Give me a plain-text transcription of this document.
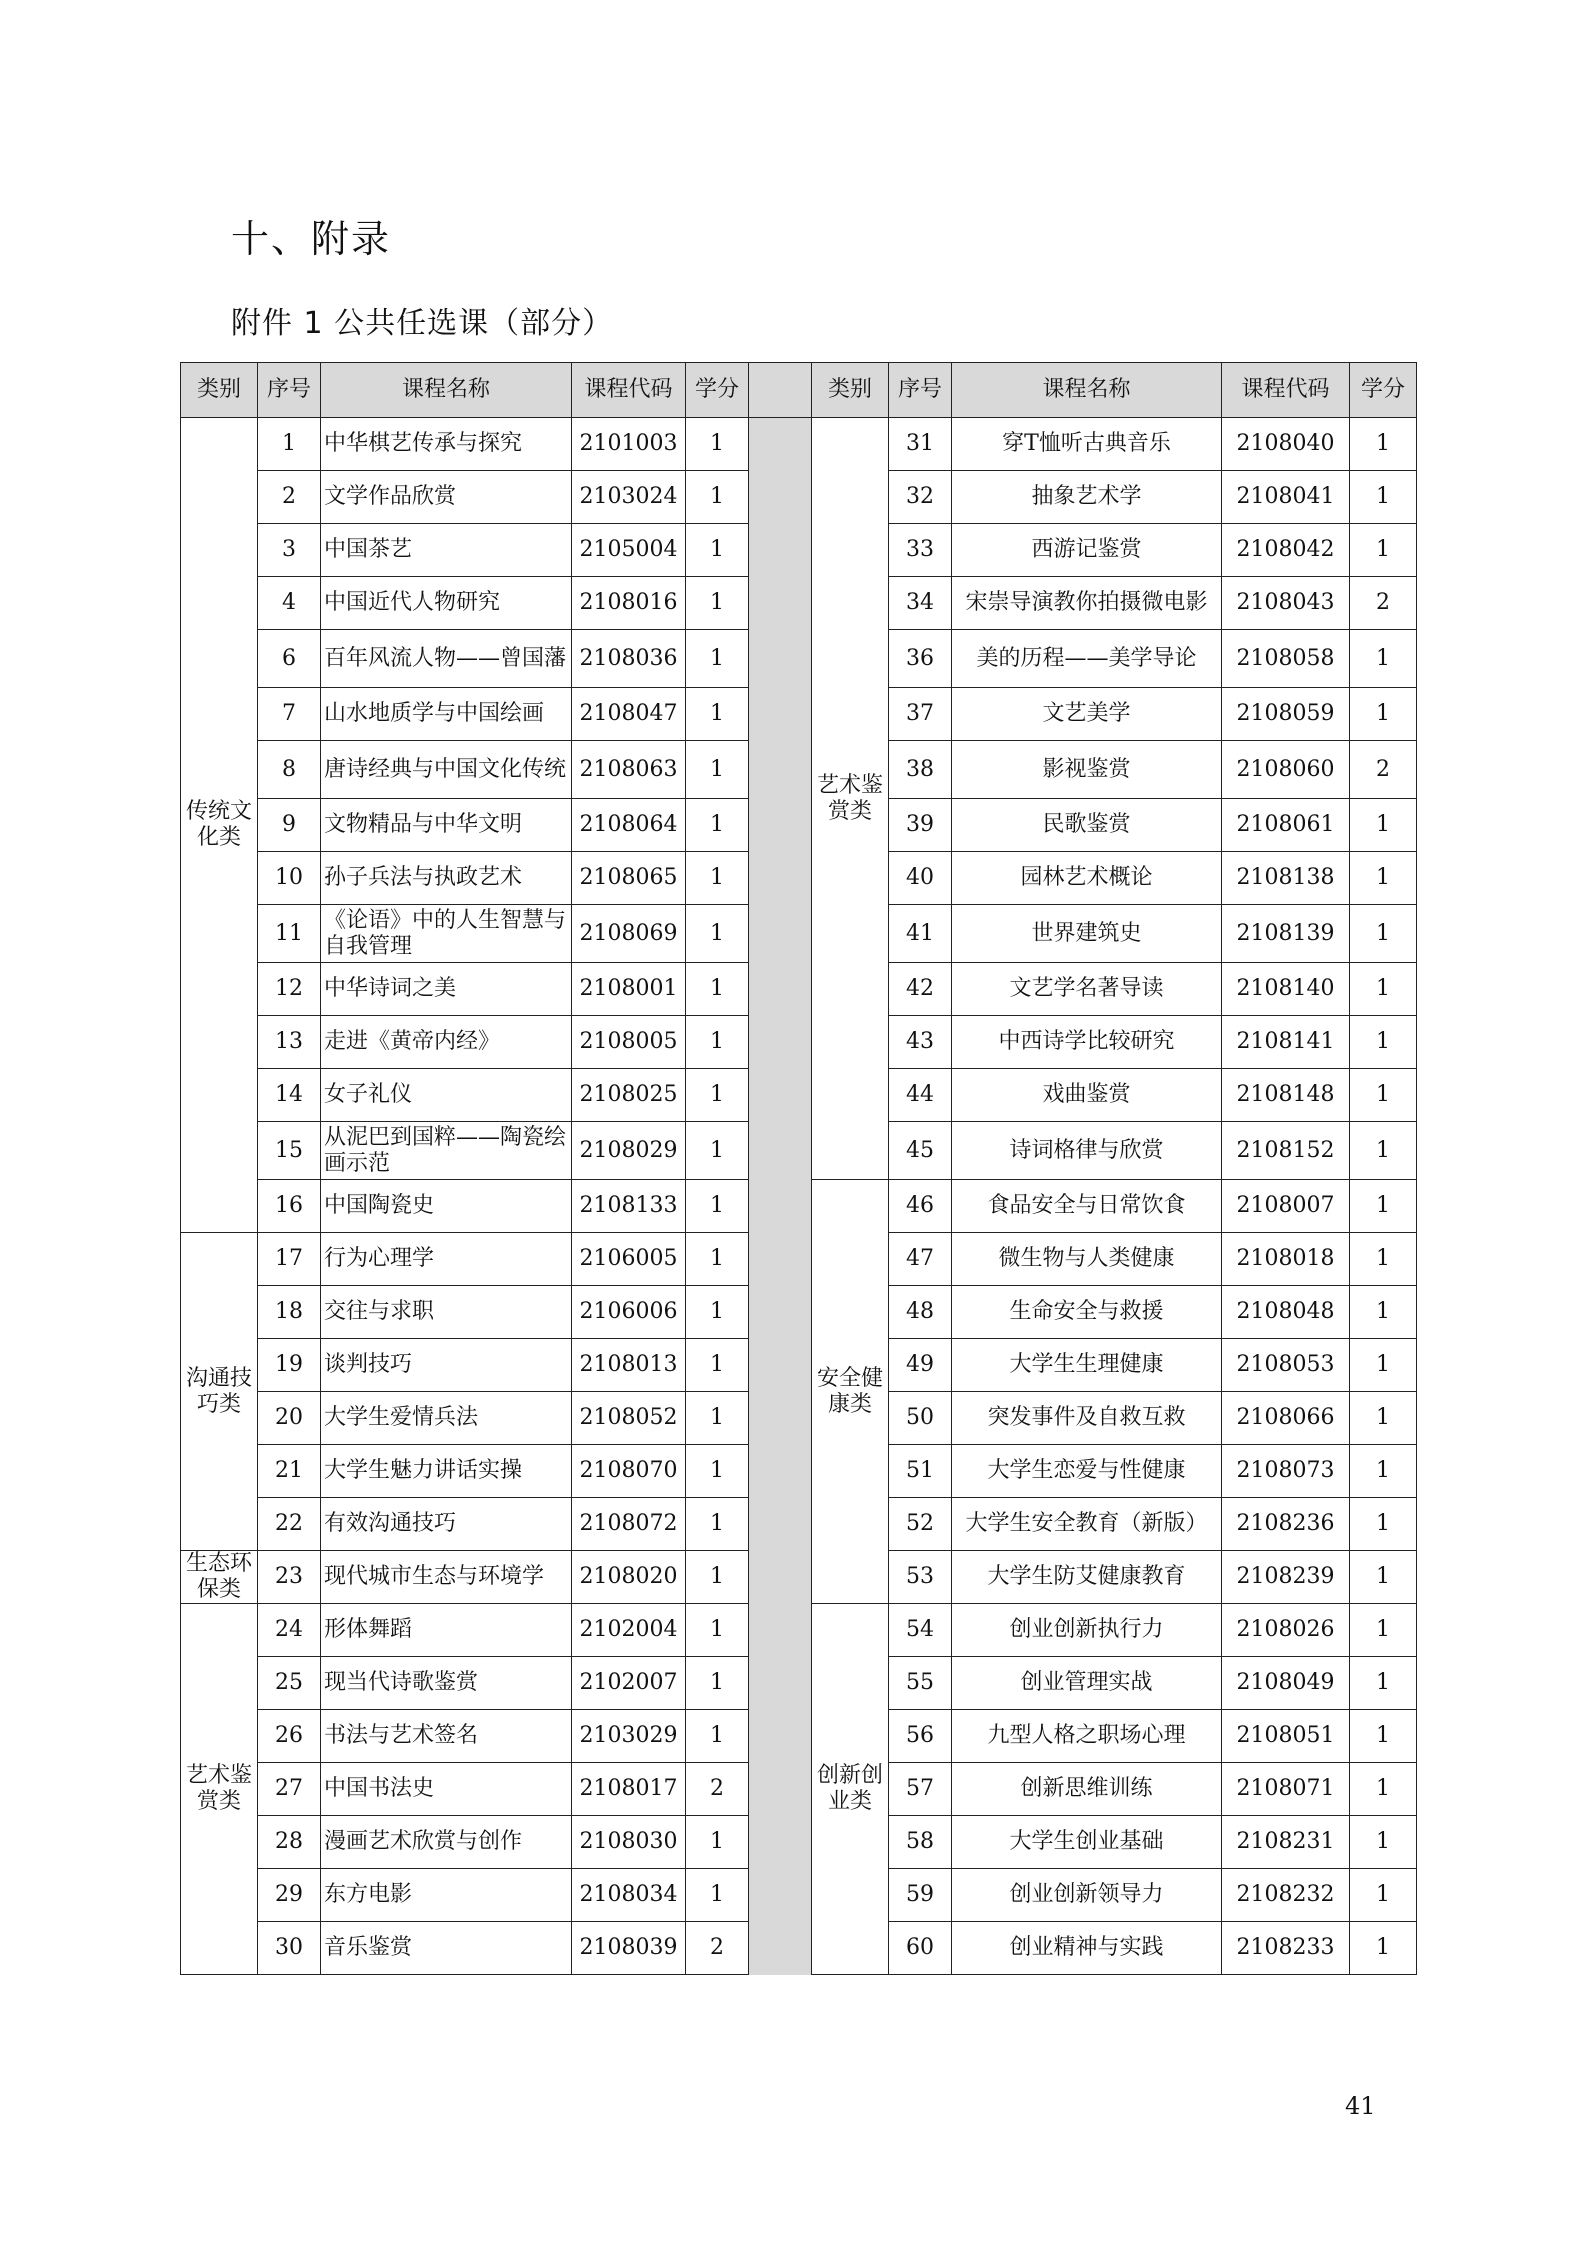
十、附录
附件 1 公共任选课（部分）
类别	序号	课程名称	课程代码	学分		类别	序号	课程名称	课程代码	学分
传统文化类	1	中华棋艺传承与探究	2101003	1		艺术鉴赏类	31	穿T恤听古典音乐	2108040	1
	2	文学作品欣赏	2103024	1			32	抽象艺术学	2108041	1
	3	中国茶艺	2105004	1			33	西游记鉴赏	2108042	1
	4	中国近代人物研究	2108016	1			34	宋崇导演教你拍摄微电影	2108043	2
	6	百年风流人物——曾国藩	2108036	1			36	美的历程——美学导论	2108058	1
	7	山水地质学与中国绘画	2108047	1			37	文艺美学	2108059	1
	8	唐诗经典与中国文化传统	2108063	1			38	影视鉴赏	2108060	2
	9	文物精品与中华文明	2108064	1			39	民歌鉴赏	2108061	1
	10	孙子兵法与执政艺术	2108065	1			40	园林艺术概论	2108138	1
	11	《论语》中的人生智慧与自我管理	2108069	1			41	世界建筑史	2108139	1
	12	中华诗词之美	2108001	1			42	文艺学名著导读	2108140	1
	13	走进《黄帝内经》	2108005	1			43	中西诗学比较研究	2108141	1
	14	女子礼仪	2108025	1			44	戏曲鉴赏	2108148	1
	15	从泥巴到国粹——陶瓷绘画示范	2108029	1			45	诗词格律与欣赏	2108152	1
	16	中国陶瓷史	2108133	1		安全健康类	46	食品安全与日常饮食	2108007	1
沟通技巧类	17	行为心理学	2106005	1			47	微生物与人类健康	2108018	1
	18	交往与求职	2106006	1			48	生命安全与救援	2108048	1
	19	谈判技巧	2108013	1			49	大学生生理健康	2108053	1
	20	大学生爱情兵法	2108052	1			50	突发事件及自救互救	2108066	1
	21	大学生魅力讲话实操	2108070	1			51	大学生恋爱与性健康	2108073	1
	22	有效沟通技巧	2108072	1			52	大学生安全教育（新版）	2108236	1
生态环保类	23	现代城市生态与环境学	2108020	1			53	大学生防艾健康教育	2108239	1
艺术鉴赏类	24	形体舞蹈	2102004	1		创新创业类	54	创业创新执行力	2108026	1
	25	现当代诗歌鉴赏	2102007	1			55	创业管理实战	2108049	1
	26	书法与艺术签名	2103029	1			56	九型人格之职场心理	2108051	1
	27	中国书法史	2108017	2			57	创新思维训练	2108071	1
	28	漫画艺术欣赏与创作	2108030	1			58	大学生创业基础	2108231	1
	29	东方电影	2108034	1			59	创业创新领导力	2108232	1
	30	音乐鉴赏	2108039	2			60	创业精神与实践	2108233	1
41
